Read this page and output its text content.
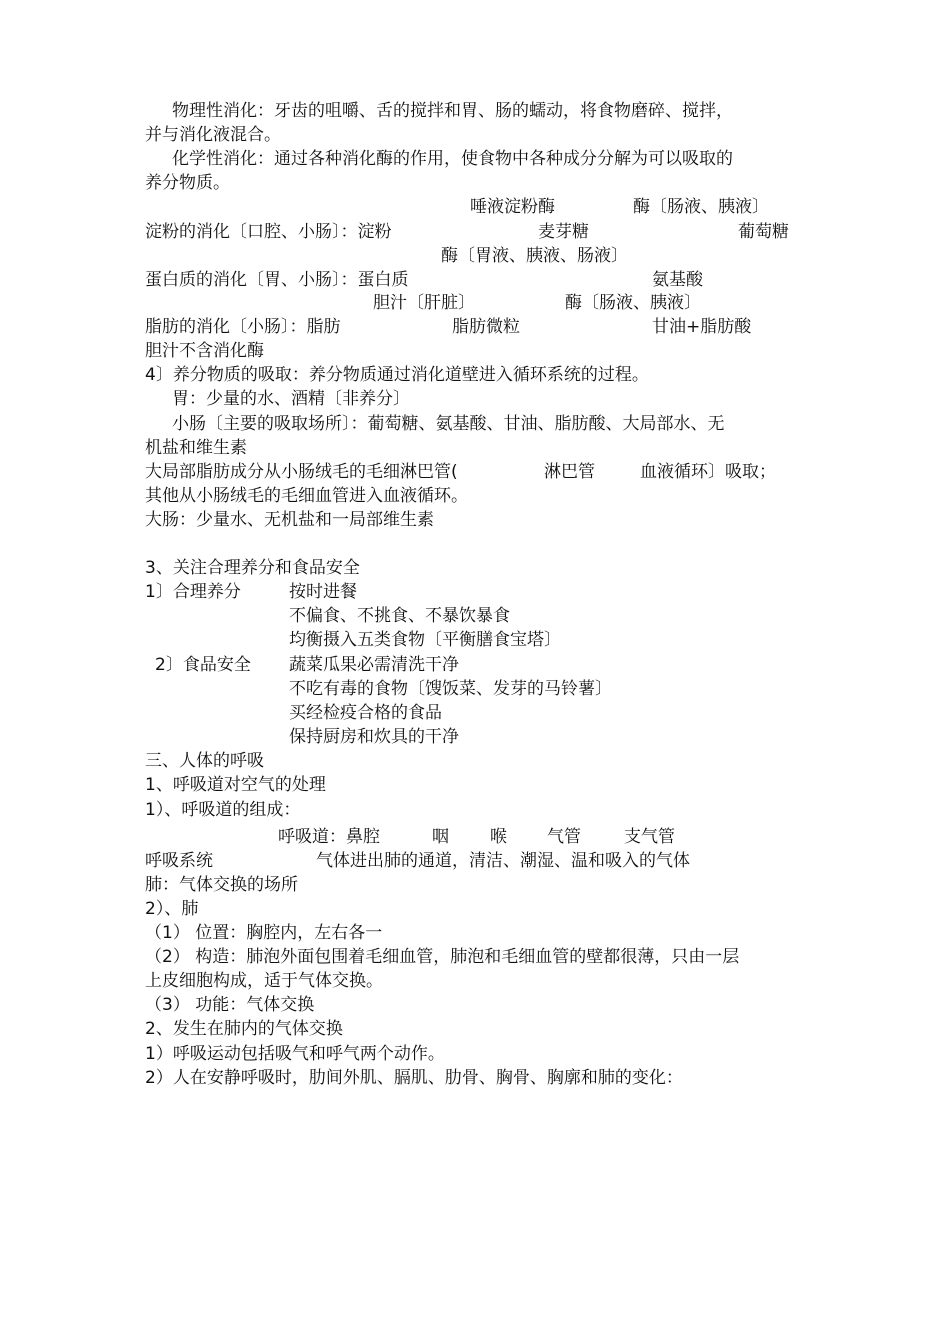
物理性消化：牙齿的咀嚼、舌的搅拌和胃、肠的蠕动，将食物磨碎、搅拌，
并与消化液混合。
化学性消化：通过各种消化酶的作用，使食物中各种成分分解为可以吸取的
养分物质。
唾液淀粉酶	酶〔肠液、胰液〕
淀粉的消化〔口腔、小肠〕：淀粉	麦芽糖	葡萄糖
酶〔胃液、胰液、肠液〕
蛋白质的消化〔胃、小肠〕：蛋白质	氨基酸
胆汁〔肝脏〕	酶〔肠液、胰液〕
脂肪的消化〔小肠〕：脂肪	脂肪微粒	甘油+脂肪酸
胆汁不含消化酶
4〕养分物质的吸取：养分物质通过消化道壁进入循环系统的过程。
胃：少量的水、酒精〔非养分〕
小肠〔主要的吸取场所〕：葡萄糖、氨基酸、甘油、脂肪酸、大局部水、无
机盐和维生素
大局部脂肪成分从小肠绒毛的毛细淋巴管(	淋巴管	血液循环〕吸取；
其他从小肠绒毛的毛细血管进入血液循环。
大肠：少量水、无机盐和一局部维生素
3、关注合理养分和食品安全
1〕合理养分	按时进餐
不偏食、不挑食、不暴饮暴食
均衡摄入五类食物〔平衡膳食宝塔〕
2〕食品安全 蔬菜瓜果必需清洗干净
不吃有毒的食物〔馊饭菜、发芽的马铃薯〕
买经检疫合格的食品
保持厨房和炊具的干净
三、人体的呼吸
1、呼吸道对空气的处理
1）、呼吸道的组成：
呼吸道：鼻腔	咽 喉 气管	支气管
呼吸系统	气体进出肺的通道，清洁、潮湿、温和吸入的气体
肺：气体交换的场所
2）、肺
（1） 位置：胸腔内，左右各一
（2） 构造：肺泡外面包围着毛细血管，肺泡和毛细血管的壁都很薄，只由一层
上皮细胞构成，适于气体交换。
（3） 功能：气体交换
2、发生在肺内的气体交换
1）呼吸运动包括吸气和呼气两个动作。
2）人在安静呼吸时，肋间外肌、膈肌、肋骨、胸骨、胸廓和肺的变化：
